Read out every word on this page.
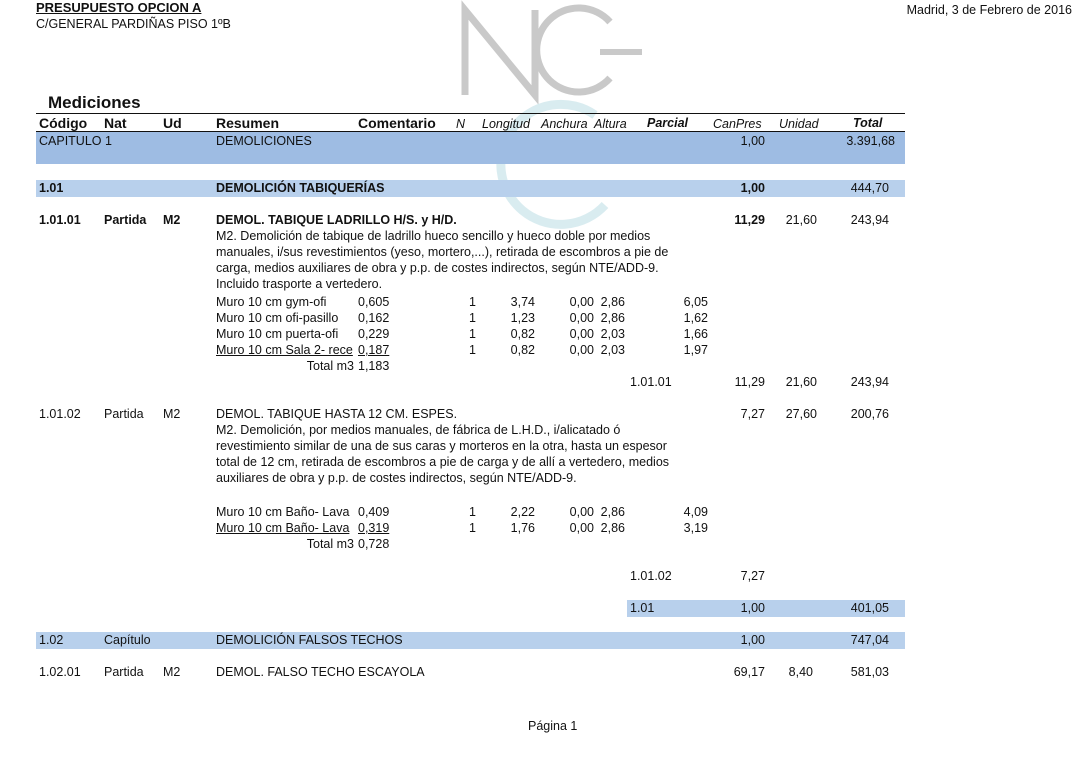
PRESUPUESTO OPCION A
C/GENERAL PARDIÑAS PISO 1ºB
Madrid, 3 de Febrero de 2016
Mediciones
Código Nat	Ud Resumen	Comentario N Longitud Anchura Altura Parcial CanPres Unidad	Total
CAPITULO 1	DEMOLICIONES	1,00	3.391,68
1.01	DEMOLICIÓN TABIQUERÍAS	1,00	444,70
1.01.01 Partida M2	DEMOL. TABIQUE LADRILLO H/S. y H/D.	11,29	21,60	243,94
M2. Demolición de tabique de ladrillo hueco sencillo y hueco doble por medios
manuales, i/sus revestimientos (yeso, mortero,...), retirada de escombros a pie de
carga, medios auxiliares de obra y p.p. de costes indirectos, según NTE/ADD-9.
Incluido trasporte a vertedero.
Muro 10 cm gym-ofi	0,605	1	3,74	0,00 2,86	6,05
Muro 10 cm ofi-pasillo	0,162	1	1,23	0,00 2,86	1,62
Muro 10 cm puerta-ofi	0,229	1	0,82	0,00 2,03	1,66
Muro 10 cm Sala 2- rece 0,187	1	0,82	0,00 2,03	1,97
Total m3 1,183
1.01.01	11,29	21,60	243,94
1.01.02 Partida M2	DEMOL. TABIQUE HASTA 12 CM. ESPES.	7,27	27,60	200,76
M2. Demolición, por medios manuales, de fábrica de L.H.D., i/alicatado ó
revestimiento similar de una de sus caras y morteros en la otra, hasta un espesor
total de 12 cm, retirada de escombros a pie de carga y de allí a vertedero, medios
auxiliares de obra y p.p. de costes indirectos, según NTE/ADD-9.
Muro 10 cm Baño- Lava 0,409	1	2,22	0,00 2,86	4,09
Muro 10 cm Baño- Lava 0,319	1	1,76	0,00 2,86	3,19
Total m3 0,728
1.01.02	7,27
1.01	1,00	401,05
1.02	Capítulo	DEMOLICIÓN FALSOS TECHOS	1,00	747,04
1.02.01 Partida M2	DEMOL. FALSO TECHO ESCAYOLA	69,17	8,40	581,03
Página 1
